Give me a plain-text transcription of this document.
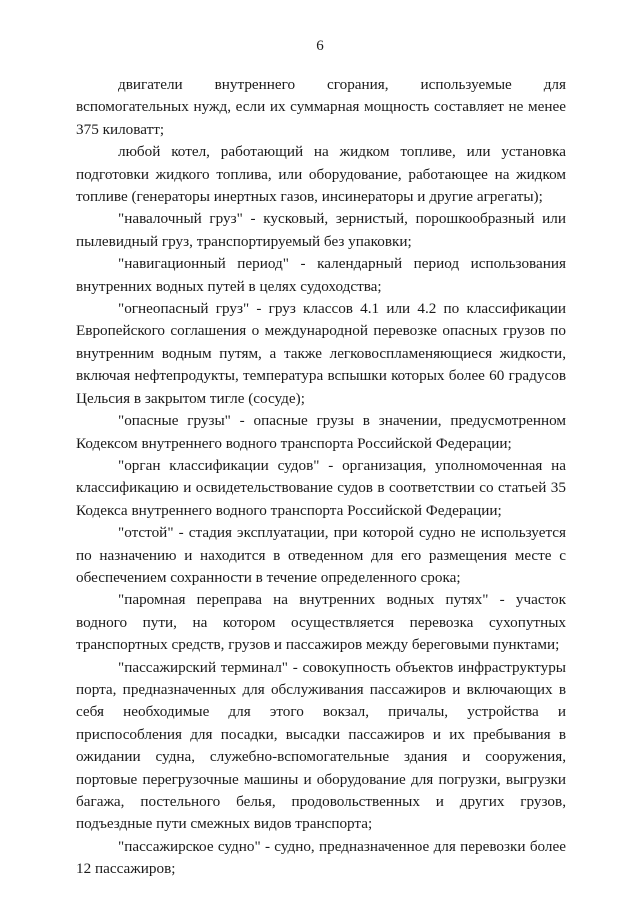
6

двигатели внутреннего сгорания, используемые для вспомогательных нужд, если их суммарная мощность составляет не менее 375 киловатт;

любой котел, работающий на жидком топливе, или установка подготовки жидкого топлива, или оборудование, работающее на жидком топливе (генераторы инертных газов, инсинераторы и другие агрегаты);

"навалочный груз" - кусковый, зернистый, порошкообразный или пылевидный груз, транспортируемый без упаковки;

"навигационный период" - календарный период использования внутренних водных путей в целях судоходства;

"огнеопасный груз" - груз классов 4.1 или 4.2 по классификации Европейского соглашения о международной перевозке опасных грузов по внутренним водным путям, а также легковоспламеняющиеся жидкости, включая нефтепродукты, температура вспышки которых более 60 градусов Цельсия в закрытом тигле (сосуде);

"опасные грузы" - опасные грузы в значении, предусмотренном Кодексом внутреннего водного транспорта Российской Федерации;

"орган классификации судов" - организация, уполномоченная на классификацию и освидетельствование судов в соответствии со статьей 35 Кодекса внутреннего водного транспорта Российской Федерации;

"отстой" - стадия эксплуатации, при которой судно не используется по назначению и находится в отведенном для его размещения месте с обеспечением сохранности в течение определенного срока;

"паромная переправа на внутренних водных путях" - участок водного пути, на котором осуществляется перевозка сухопутных транспортных средств, грузов и пассажиров между береговыми пунктами;

"пассажирский терминал" - совокупность объектов инфраструктуры порта, предназначенных для обслуживания пассажиров и включающих в себя необходимые для этого вокзал, причалы, устройства и приспособления для посадки, высадки пассажиров и их пребывания в ожидании судна, служебно-вспомогательные здания и сооружения, портовые перегрузочные машины и оборудование для погрузки, выгрузки багажа, постельного белья, продовольственных и других грузов, подъездные пути смежных видов транспорта;

"пассажирское судно" - судно, предназначенное для перевозки более 12 пассажиров;
